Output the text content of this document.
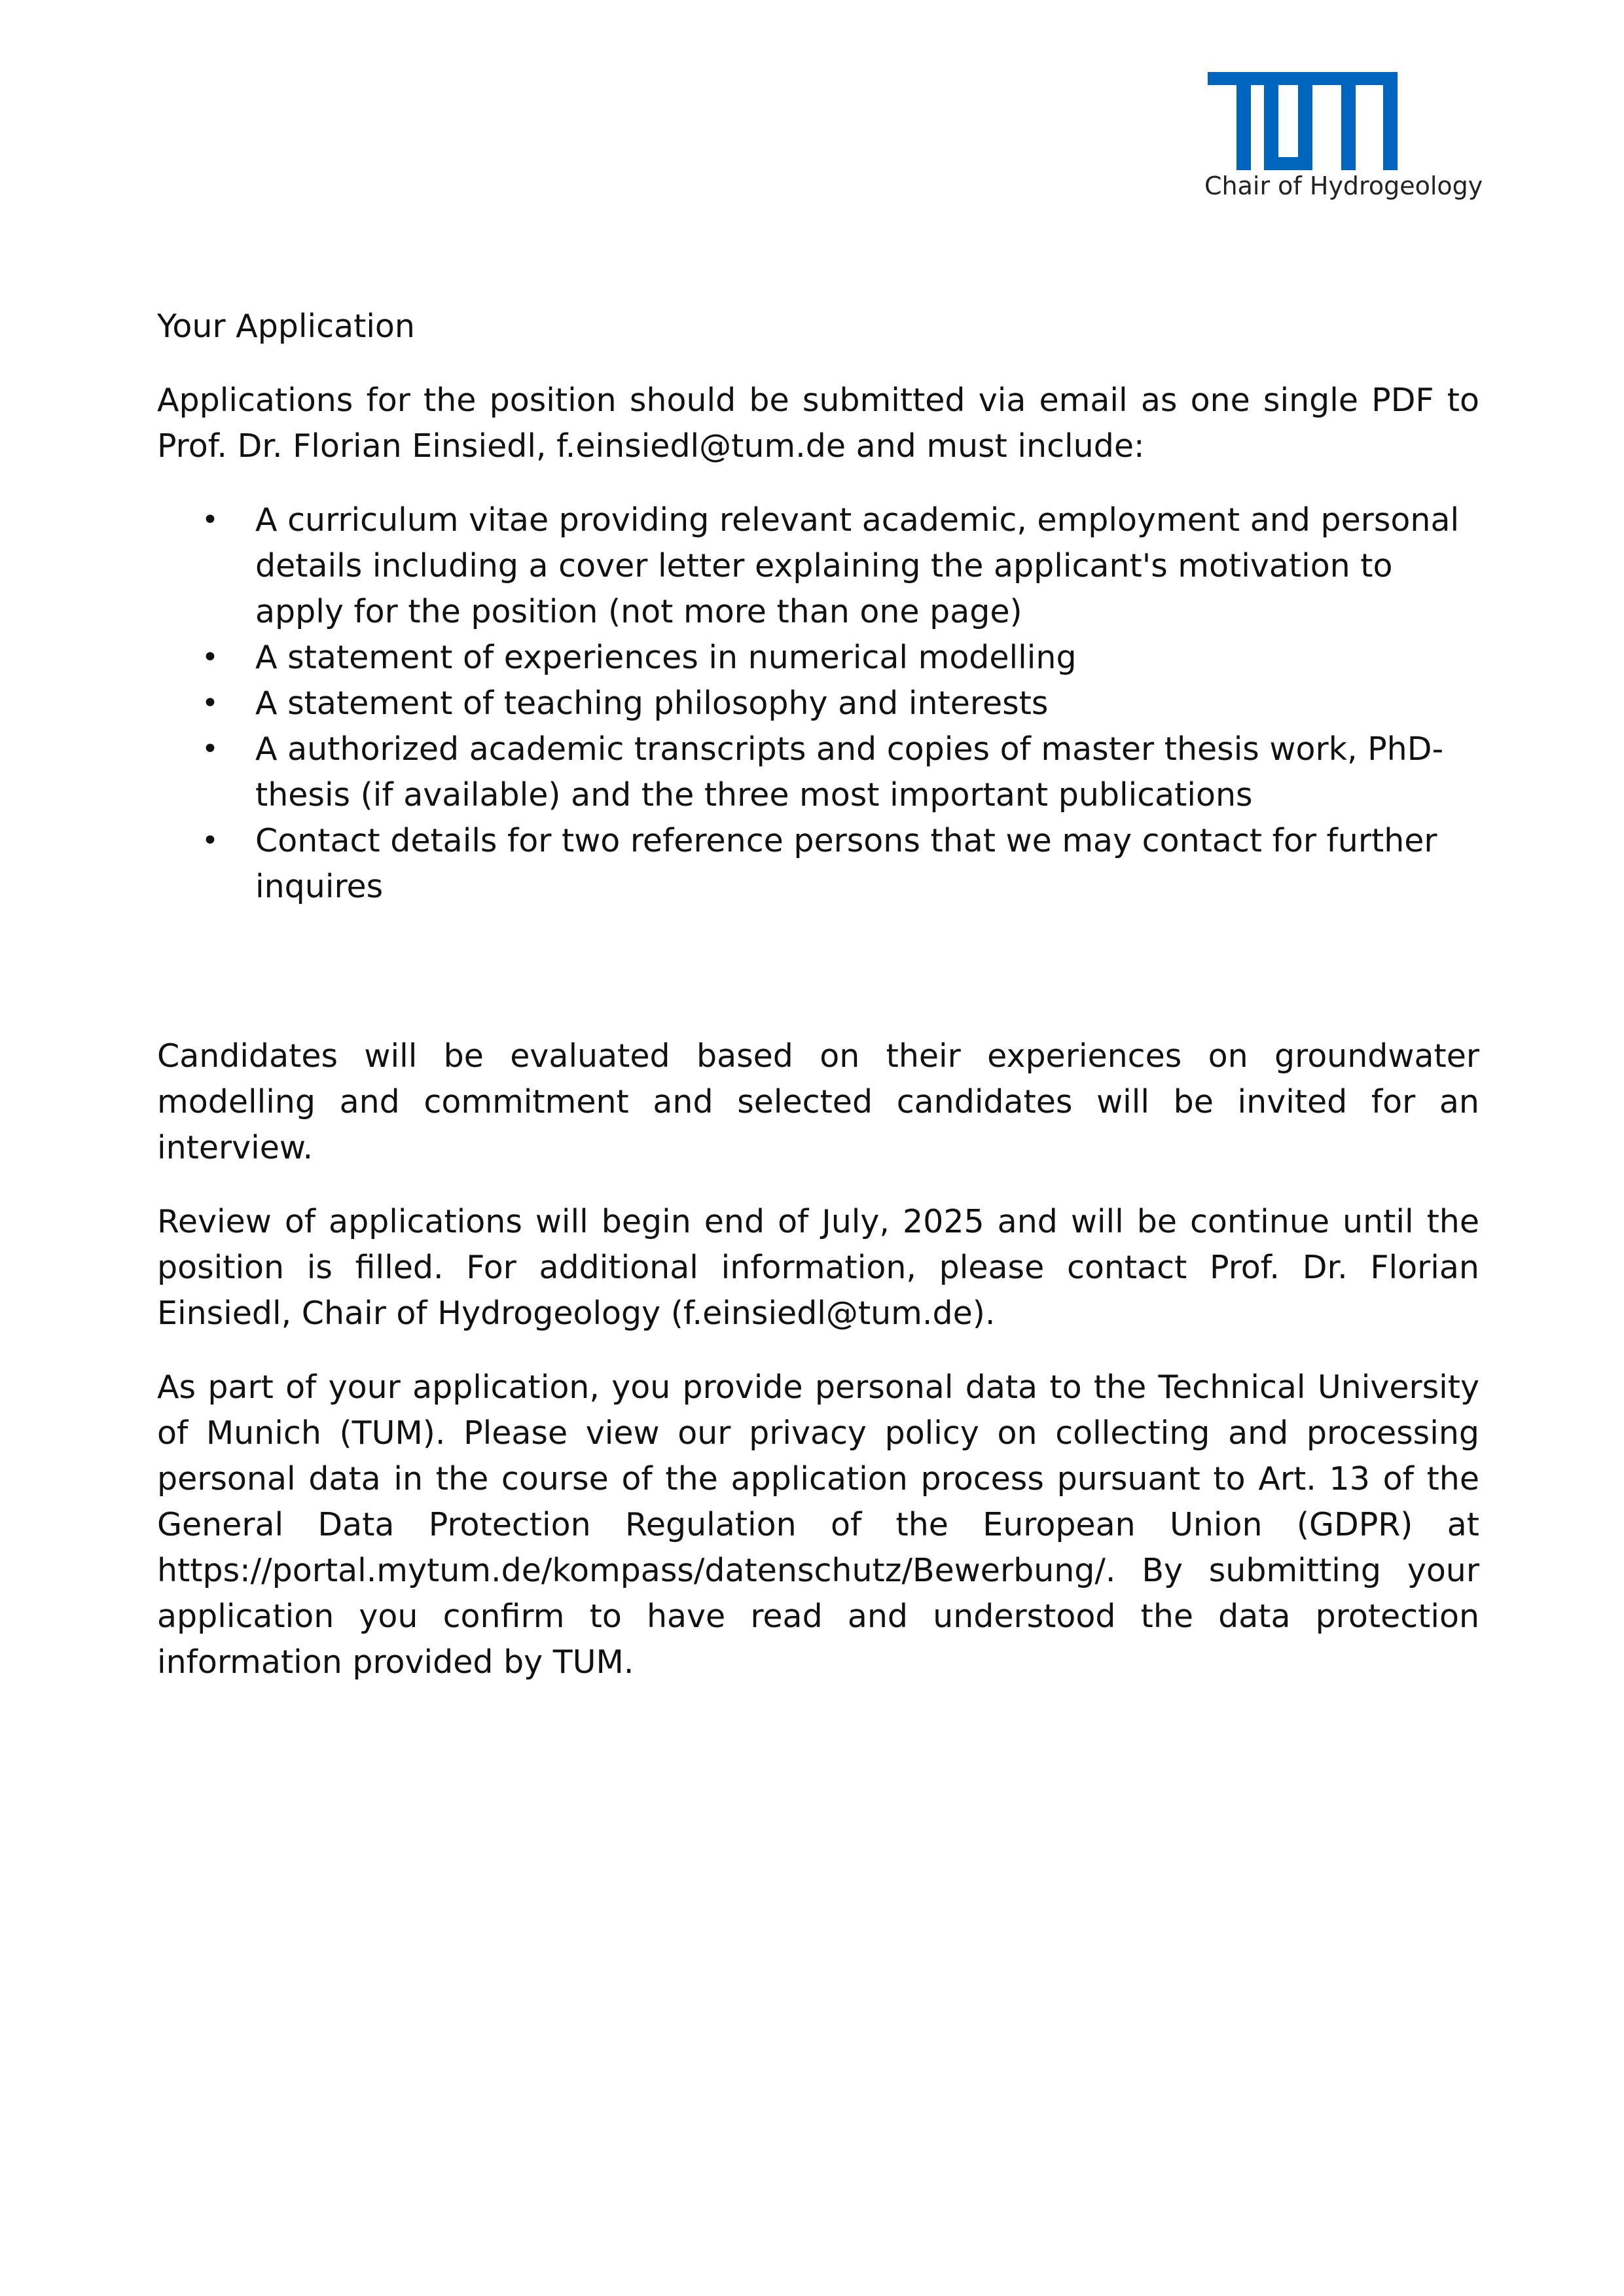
Chair of Hydrogeology

Your Application

Applications for the position should be submitted via email as one single PDF to Prof. Dr. Florian Einsiedl, f.einsiedl@tum.de and must include:

• A curriculum vitae providing relevant academic, employment and personal details including a cover letter explaining the applicant's motivation to apply for the position (not more than one page)
• A statement of experiences in numerical modelling
• A statement of teaching philosophy and interests
• A authorized academic transcripts and copies of master thesis work, PhD-thesis (if available) and the three most important publications
• Contact details for two reference persons that we may contact for further inquires

Candidates will be evaluated based on their experiences on groundwater modelling and commitment and selected candidates will be invited for an interview.

Review of applications will begin end of July, 2025 and will be continue until the position is filled. For additional information, please contact Prof. Dr. Florian Einsiedl, Chair of Hydrogeology (f.einsiedl@tum.de).

As part of your application, you provide personal data to the Technical University of Munich (TUM). Please view our privacy policy on collecting and processing personal data in the course of the application process pursuant to Art. 13 of the General Data Protection Regulation of the European Union (GDPR) at https://portal.mytum.de/kompass/datenschutz/Bewerbung/. By submitting your application you confirm to have read and understood the data protection information provided by TUM.
